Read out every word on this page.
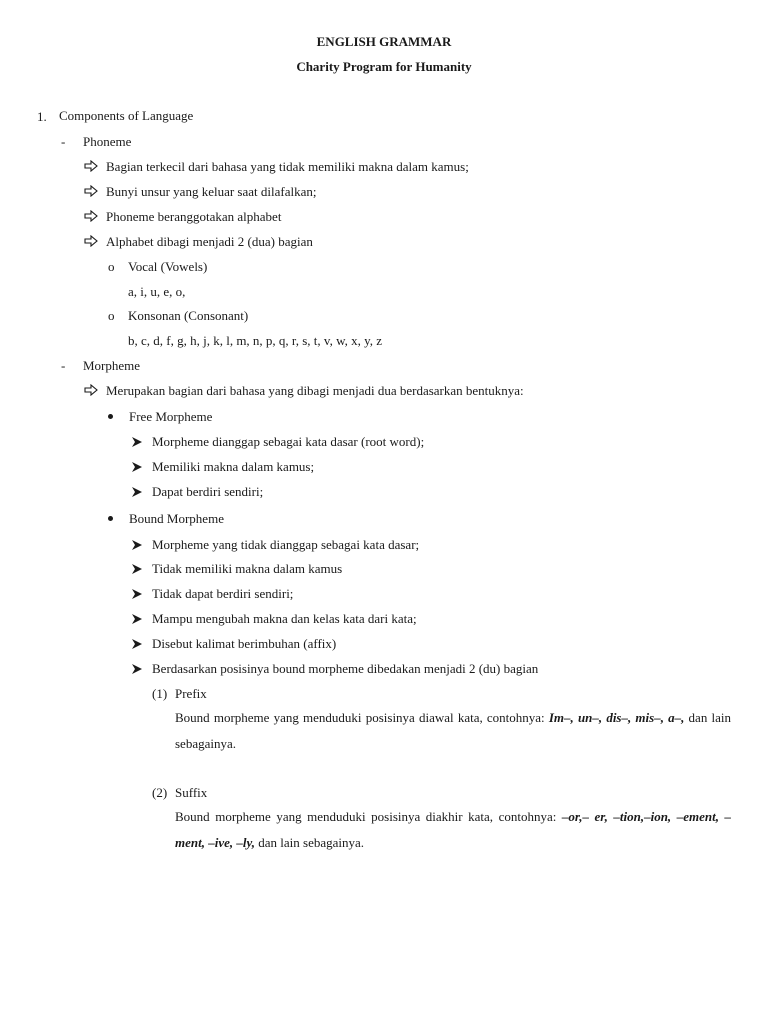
ENGLISH GRAMMAR
Charity Program for Humanity
1. Components of Language
- Phoneme
Bagian terkecil dari bahasa yang tidak memiliki makna dalam kamus;
Bunyi unsur yang keluar saat dilafalkan;
Phoneme beranggotakan alphabet
Alphabet dibagi menjadi 2 (dua) bagian
o Vocal (Vowels)
a, i, u, e, o,
o Konsonan (Consonant)
b, c, d, f, g, h, j, k, l, m, n, p, q, r, s, t, v, w, x, y, z
- Morpheme
Merupakan bagian dari bahasa yang dibagi menjadi dua berdasarkan bentuknya:
Free Morpheme
Morpheme dianggap sebagai kata dasar (root word);
Memiliki makna dalam kamus;
Dapat berdiri sendiri;
Bound Morpheme
Morpheme yang tidak dianggap sebagai kata dasar;
Tidak memiliki makna dalam kamus
Tidak dapat berdiri sendiri;
Mampu mengubah makna dan kelas kata dari kata;
Disebut kalimat berimbuhan (affix)
Berdasarkan posisinya bound morpheme dibedakan menjadi 2 (du) bagian
(1) Prefix
Bound morpheme yang menduduki posisinya diawal kata, contohnya: Im–, un–, dis–, mis–, a–, dan lain sebagainya.
(2) Suffix
Bound morpheme yang menduduki posisinya diakhir kata, contohnya: –or,– er, –tion,–ion, –ement, –ment, –ive, –ly, dan lain sebagainya.
